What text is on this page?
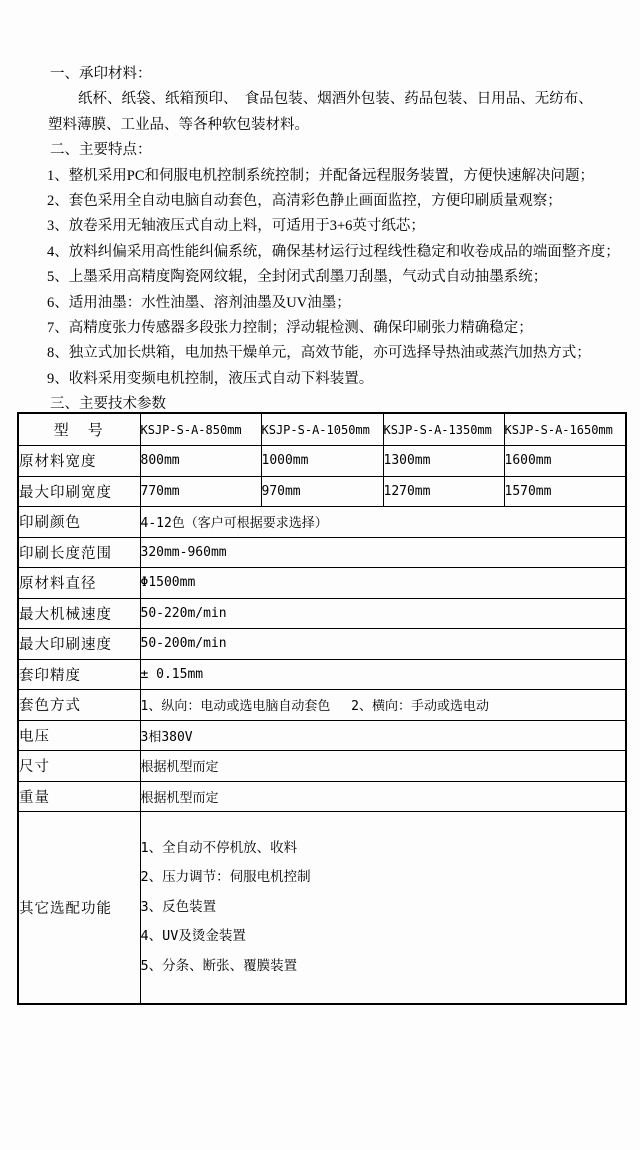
一、承印材料：
纸杯、纸袋、纸箱预印、　食品包装、烟酒外包装、药品包装、日用品、无纺布、
塑料薄膜、工业品、等各种软包装材料。
二、主要特点：
1、整机采用PC和伺服电机控制系统控制；并配备远程服务装置，方便快速解决问题；
2、套色采用全自动电脑自动套色，高清彩色静止画面监控，方便印刷质量观察；
3、放卷采用无轴液压式自动上料，可适用于3+6英寸纸芯；
4、放料纠偏采用高性能纠偏系统，确保基材运行过程线性稳定和收卷成品的端面整齐度；
5、上墨采用高精度陶瓷网纹辊，全封闭式刮墨刀刮墨，气动式自动抽墨系统；
6、适用油墨：水性油墨、溶剂油墨及UV油墨；
7、高精度张力传感器多段张力控制；浮动辊检测、确保印刷张力精确稳定；
8、独立式加长烘箱，电加热干燥单元，高效节能，亦可选择导热油或蒸汽加热方式；
9、收料采用变频电机控制，液压式自动下料装置。
三、主要技术参数
型　号	KSJP-S-A-850mm	KSJP-S-A-1050mm	KSJP-S-A-1350mm	KSJP-S-A-1650mm
原材料宽度	800mm	1000mm	1300mm	1600mm
最大印刷宽度	770mm	970mm	1270mm	1570mm
印刷颜色	4-12色（客户可根据要求选择）			
印刷长度范围	320mm-960mm			
原材料直径	Φ1500mm			
最大机械速度	50-220m/min			
最大印刷速度	50-200m/min			
套印精度	± 0.15mm			
套色方式	1、纵向：电动或选电脑自动套色　 2、横向：手动或选电动			
电压	3相380V			
尺寸	根据机型而定			
重量	根据机型而定			
其它选配功能	1、全自动不停机放、收料
2、压力调节：伺服电机控制
3、反色装置
4、UV及烫金装置
5、分条、断张、覆膜装置			
